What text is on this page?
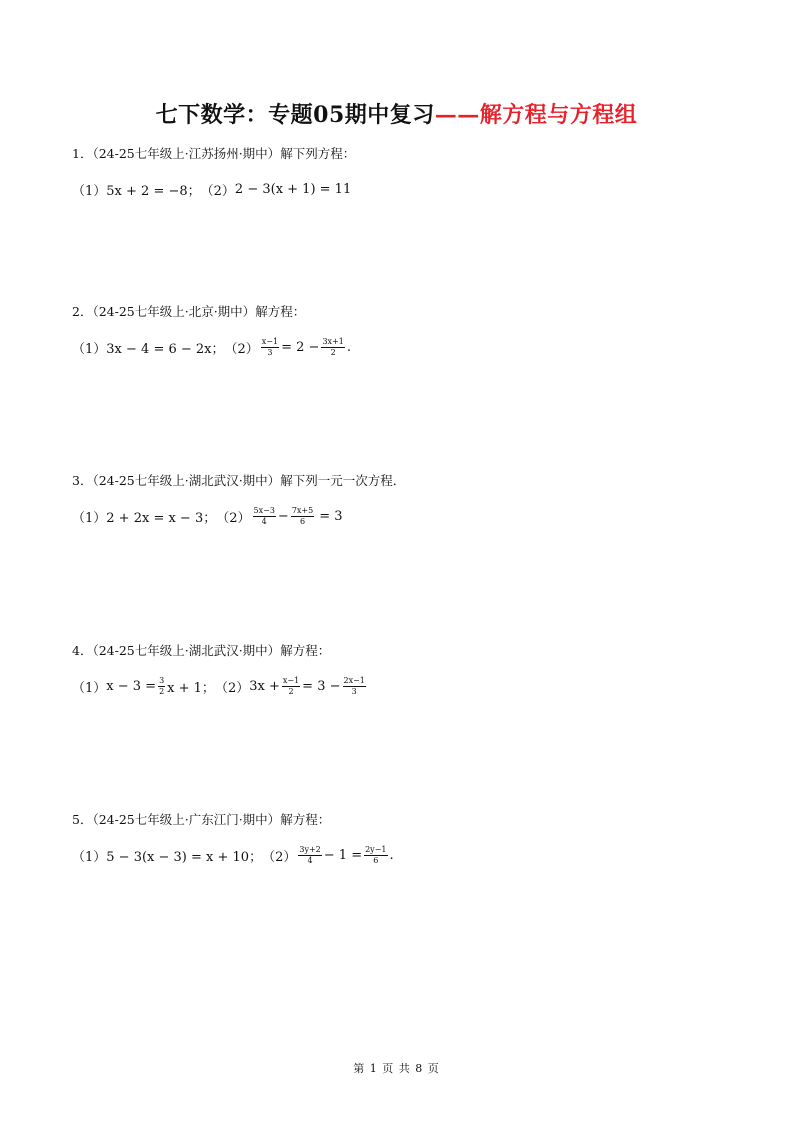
七下数学：专题05期中复习——解方程与方程组
1．（24-25七年级上·江苏扬州·期中）解下列方程：
（1） 5x + 2 = −8； （2） 2 − 3(x + 1) = 11
2．（24-25七年级上·北京·期中）解方程：
（1） 3x − 4 = 6 − 2x； $(2) \frac{x-1}{3} = 2 - \frac{3x+1}{2}$ .
3．（24-25七年级上·湖北武汉·期中）解下列一元一次方程．
（1） 2 + 2x = x − 3； $(2) \frac{5x-3}{4} - \frac{7x+5}{6} = 3$
4．（24-25七年级上·湖北武汉·期中）解方程：
（1） $x - 3 = \frac{3}{2}$ x + 1； （2） $3x + \frac{x-1}{2} = 3 - \frac{2x-1}{3}$
5．（24-25七年级上·广东江门·期中）解方程：
（1） 5 − 3(x − 3) = x + 10； $(2) \frac{3y+2}{4} - 1 = \frac{2y-1}{6}$ .
第 1 页 共 8 页
